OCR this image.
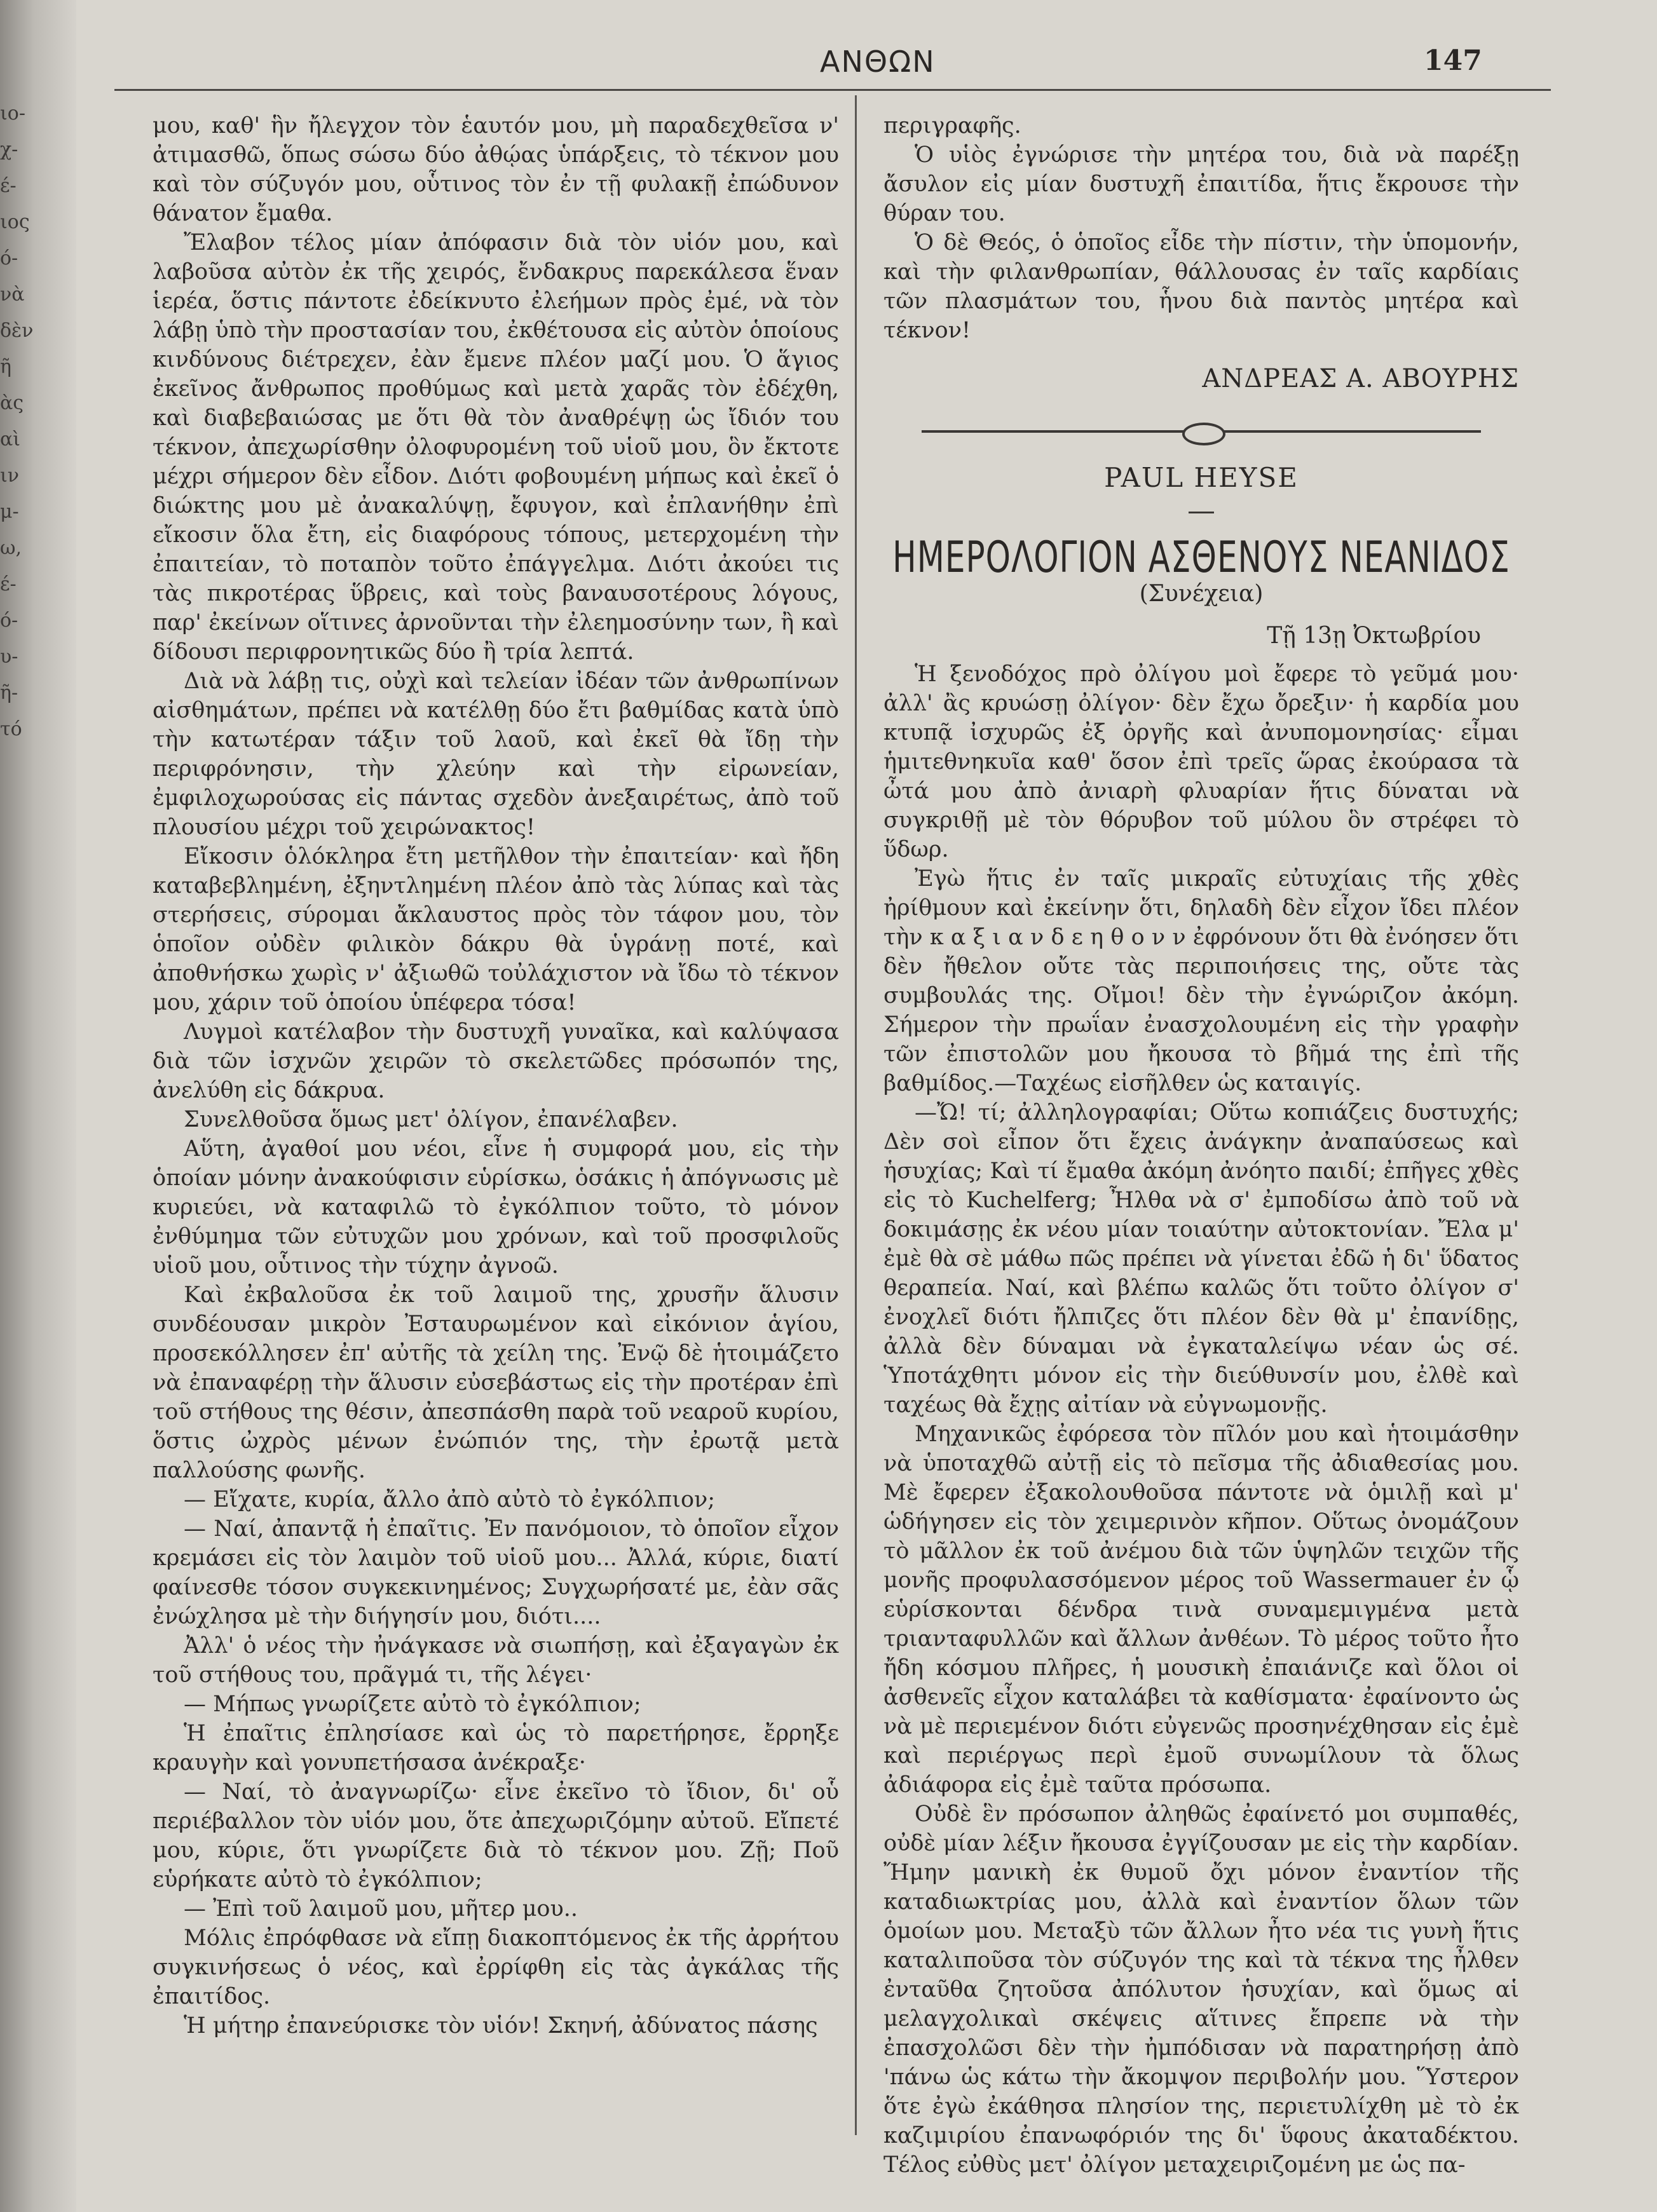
ιο-
χ-
έ-
ιος
ό-
νὰ
δὲν
ῆ
ὰς
αὶ
ιν
μ-
ω,
έ-
ό-
υ-
ῆ-
τό
ΑΝΘΩΝ	147

μου, καθ' ἣν ἤλεγχον τὸν ἑαυτόν μου, μὴ παραδεχθεῖσα ν' ἀτιμασθῶ, ὅπως σώσω δύο ἀθῴας ὑπάρξεις, τὸ τέκνον μου καὶ τὸν σύζυγόν μου, οὗτινος τὸν ἐν τῇ φυλακῇ ἐπώδυνον θάνατον ἔμαθα.

Ἔλαβον τέλος μίαν ἀπόφασιν διὰ τὸν υἱόν μου, καὶ λαβοῦσα αὐτὸν ἐκ τῆς χειρός, ἔνδακρυς παρεκάλεσα ἕναν ἱερέα, ὅστις πάντοτε ἐδείκνυτο ἐλεήμων πρὸς ἐμέ, νὰ τὸν λάβῃ ὑπὸ τὴν προστασίαν του, ἐκθέτουσα εἰς αὐτὸν ὁποίους κινδύνους διέτρεχεν, ἐὰν ἔμενε πλέον μαζί μου. Ὁ ἅγιος ἐκεῖνος ἄνθρωπος προθύμως καὶ μετὰ χαρᾶς τὸν ἐδέχθη, καὶ διαβεβαιώσας με ὅτι θὰ τὸν ἀναθρέψῃ ὡς ἴδιόν του τέκνον, ἀπεχωρίσθην ὀλοφυρομένη τοῦ υἱοῦ μου, ὃν ἔκτοτε μέχρι σήμερον δὲν εἶδον. Διότι φοβουμένη μήπως καὶ ἐκεῖ ὁ διώκτης μου μὲ ἀνακαλύψῃ, ἔφυγον, καὶ ἐπλανήθην ἐπὶ εἴκοσιν ὅλα ἔτη, εἰς διαφόρους τόπους, μετερχομένη τὴν ἐπαιτείαν, τὸ ποταπὸν τοῦτο ἐπάγγελμα. Διότι ἀκούει τις τὰς πικροτέρας ὕβρεις, καὶ τοὺς βαναυσοτέρους λόγους, παρ' ἐκείνων οἵτινες ἀρνοῦνται τὴν ἐλεημοσύνην των, ἢ καὶ δίδουσι περιφρονητικῶς δύο ἢ τρία λεπτά.

Διὰ νὰ λάβῃ τις, οὐχὶ καὶ τελείαν ἰδέαν τῶν ἀνθρωπίνων αἰσθημάτων, πρέπει νὰ κατέλθῃ δύο ἔτι βαθμίδας κατὰ ὑπὸ τὴν κατωτέραν τάξιν τοῦ λαοῦ, καὶ ἐκεῖ θὰ ἴδῃ τὴν περιφρόνησιν, τὴν χλεύην καὶ τὴν εἰρωνείαν, ἐμφιλοχωρούσας εἰς πάντας σχεδὸν ἀνεξαιρέτως, ἀπὸ τοῦ πλουσίου μέχρι τοῦ χειρώνακτος!

Εἴκοσιν ὁλόκληρα ἔτη μετῆλθον τὴν ἐπαιτείαν· καὶ ἤδη καταβεβλημένη, ἐξηντλημένη πλέον ἀπὸ τὰς λύπας καὶ τὰς στερήσεις, σύρομαι ἄκλαυστος πρὸς τὸν τάφον μου, τὸν ὁποῖον οὐδὲν φιλικὸν δάκρυ θὰ ὑγράνῃ ποτέ, καὶ ἀποθνήσκω χωρὶς ν' ἀξιωθῶ τοὐλάχιστον νὰ ἴδω τὸ τέκνον μου, χάριν τοῦ ὁποίου ὑπέφερα τόσα!

Λυγμοὶ κατέλαβον τὴν δυστυχῆ γυναῖκα, καὶ καλύψασα διὰ τῶν ἰσχνῶν χειρῶν τὸ σκελετῶδες πρόσωπόν της, ἀνελύθη εἰς δάκρυα.

Συνελθοῦσα ὅμως μετ' ὀλίγον, ἐπανέλαβεν.

Αὕτη, ἀγαθοί μου νέοι, εἶνε ἡ συμφορά μου, εἰς τὴν ὁποίαν μόνην ἀνακούφισιν εὑρίσκω, ὁσάκις ἡ ἀπόγνωσις μὲ κυριεύει, νὰ καταφιλῶ τὸ ἐγκόλπιον τοῦτο, τὸ μόνον ἐνθύμημα τῶν εὐτυχῶν μου χρόνων, καὶ τοῦ προσφιλοῦς υἱοῦ μου, οὗτινος τὴν τύχην ἀγνοῶ.

Καὶ ἐκβαλοῦσα ἐκ τοῦ λαιμοῦ της, χρυσῆν ἅλυσιν συνδέουσαν μικρὸν Ἐσταυρωμένον καὶ εἰκόνιον ἁγίου, προσεκόλλησεν ἐπ' αὐτῆς τὰ χείλη της. Ἐνῷ δὲ ἡτοιμάζετο νὰ ἐπαναφέρῃ τὴν ἅλυσιν εὐσεβάστως εἰς τὴν προτέραν ἐπὶ τοῦ στήθους της θέσιν, ἀπεσπάσθη παρὰ τοῦ νεαροῦ κυρίου, ὅστις ὠχρὸς μένων ἐνώπιόν της, τὴν ἐρωτᾷ μετὰ παλλούσης φωνῆς.

— Εἴχατε, κυρία, ἄλλο ἀπὸ αὐτὸ τὸ ἐγκόλπιον;

— Ναί, ἀπαντᾷ ἡ ἐπαῖτις. Ἐν πανόμοιον, τὸ ὁποῖον εἶχον κρεμάσει εἰς τὸν λαιμὸν τοῦ υἱοῦ μου... Ἀλλά, κύριε, διατί φαίνεσθε τόσον συγκεκινημένος; Συγχωρήσατέ με, ἐὰν σᾶς ἐνώχλησα μὲ τὴν διήγησίν μου, διότι....

Ἀλλ' ὁ νέος τὴν ἠνάγκασε νὰ σιωπήσῃ, καὶ ἐξαγαγὼν ἐκ τοῦ στήθους του, πρᾶγμά τι, τῆς λέγει·

— Μήπως γνωρίζετε αὐτὸ τὸ ἐγκόλπιον;

Ἡ ἐπαῖτις ἐπλησίασε καὶ ὡς τὸ παρετήρησε, ἔρρηξε κραυγὴν καὶ γονυπετήσασα ἀνέκραξε·

— Ναί, τὸ ἀναγνωρίζω· εἶνε ἐκεῖνο τὸ ἴδιον, δι' οὗ περιέβαλλον τὸν υἱόν μου, ὅτε ἀπεχωριζόμην αὐτοῦ. Εἴπετέ μου, κύριε, ὅτι γνωρίζετε διὰ τὸ τέκνον μου. Ζῇ; Ποῦ εὑρήκατε αὐτὸ τὸ ἐγκόλπιον;

— Ἐπὶ τοῦ λαιμοῦ μου, μῆτερ μου..

Μόλις ἐπρόφθασε νὰ εἴπῃ διακοπτόμενος ἐκ τῆς ἀρρήτου συγκινήσεως ὁ νέος, καὶ ἐρρίφθη εἰς τὰς ἀγκάλας τῆς ἐπαιτίδος.

Ἡ μήτηρ ἐπανεύρισκε τὸν υἱόν! Σκηνή, ἀδύνατος πάσης

περιγραφῆς.

Ὁ υἱὸς ἐγνώρισε τὴν μητέρα του, διὰ νὰ παρέξῃ ἄσυλον εἰς μίαν δυστυχῆ ἐπαιτίδα, ἥτις ἔκρουσε τὴν θύραν του.

Ὁ δὲ Θεός, ὁ ὁποῖος εἶδε τὴν πίστιν, τὴν ὑπομονήν, καὶ τὴν φιλανθρωπίαν, θάλλουσας ἐν ταῖς καρδίαις τῶν πλασμάτων του, ἧνου διὰ παντὸς μητέρα καὶ τέκνον!

ΑΝΔΡΕΑΣ Α. ΑΒΟΥΡΗΣ
PAUL HEYSE
ΗΜΕΡΟΛΟΓΙΟΝ ΑΣΘΕΝΟΥΣ ΝΕΑΝΙΔΟΣ
(Συνέχεια)
Τῇ 13ῃ Ὀκτωβρίου

Ἡ ξενοδόχος πρὸ ὀλίγου μοὶ ἔφερε τὸ γεῦμά μου· ἀλλ' ἂς κρυώσῃ ὀλίγον· δὲν ἔχω ὄρεξιν· ἡ καρδία μου κτυπᾷ ἰσχυρῶς ἐξ ὀργῆς καὶ ἀνυπομονησίας· εἶμαι ἡμιτεθνηκυῖα καθ' ὅσον ἐπὶ τρεῖς ὥρας ἐκούρασα τὰ ὦτά μου ἀπὸ ἀνιαρὴ φλυαρίαν ἥτις δύναται νὰ συγκριθῇ μὲ τὸν θόρυβον τοῦ μύλου ὃν στρέφει τὸ ὕδωρ.

Ἐγὼ ἥτις ἐν ταῖς μικραῖς εὐτυχίαις τῆς χθὲς ἠρίθμουν καὶ ἐκείνην ὅτι, δηλαδὴ δὲν εἶχον ἴδει πλέον τὴν κ α ξ ι α ν δ ε η θ ο ν ν ἐφρόνουν ὅτι θὰ ἐνόησεν ὅτι δὲν ἤθελον οὔτε τὰς περιποιήσεις της, οὔτε τὰς συμβουλάς της. Οἴμοι! δὲν τὴν ἐγνώριζον ἀκόμη. Σήμερον τὴν πρωΐαν ἐνασχολουμένη εἰς τὴν γραφὴν τῶν ἐπιστολῶν μου ἤκουσα τὸ βῆμά της ἐπὶ τῆς βαθμίδος.—Ταχέως εἰσῆλθεν ὡς καταιγίς.

—Ὤ! τί; ἀλληλογραφίαι; Οὕτω κοπιάζεις δυστυχής; Δὲν σοὶ εἶπον ὅτι ἔχεις ἀνάγκην ἀναπαύσεως καὶ ἡσυχίας; Καὶ τί ἔμαθα ἀκόμη ἀνόητο παιδί; ἐπῆγες χθὲς εἰς τὸ Kuchelferg; Ἦλθα νὰ σ' ἐμποδίσω ἀπὸ τοῦ νὰ δοκιμάσῃς ἐκ νέου μίαν τοιαύτην αὐτοκτονίαν. Ἔλα μ' ἐμὲ θὰ σὲ μάθω πῶς πρέπει νὰ γίνεται ἐδῶ ἡ δι' ὕδατος θεραπεία. Ναί, καὶ βλέπω καλῶς ὅτι τοῦτο ὀλίγον σ' ἐνοχλεῖ διότι ἤλπιζες ὅτι πλέον δὲν θὰ μ' ἐπανίδῃς, ἀλλὰ δὲν δύναμαι νὰ ἐγκαταλείψω νέαν ὡς σέ. Ὑποτάχθητι μόνον εἰς τὴν διεύθυνσίν μου, ἐλθὲ καὶ ταχέως θὰ ἔχῃς αἰτίαν νὰ εὐγνωμονῇς.

Μηχανικῶς ἐφόρεσα τὸν πῖλόν μου καὶ ἡτοιμάσθην νὰ ὑποταχθῶ αὐτῇ εἰς τὸ πεῖσμα τῆς ἀδιαθεσίας μου. Μὲ ἔφερεν ἐξακολουθοῦσα πάντοτε νὰ ὁμιλῇ καὶ μ' ὡδήγησεν εἰς τὸν χειμερινὸν κῆπον. Οὕτως ὀνομάζουν τὸ μᾶλλον ἐκ τοῦ ἀνέμου διὰ τῶν ὑψηλῶν τειχῶν τῆς μονῆς προφυλασσόμενον μέρος τοῦ Wassermauer ἐν ᾧ εὑρίσκονται δένδρα τινὰ συναμεμιγμένα μετὰ τριανταφυλλῶν καὶ ἄλλων ἀνθέων. Τὸ μέρος τοῦτο ἦτο ἤδη κόσμου πλῆρες, ἡ μουσικὴ ἐπαιάνιζε καὶ ὅλοι οἱ ἀσθενεῖς εἶχον καταλάβει τὰ καθίσματα· ἐφαίνοντο ὡς νὰ μὲ περιεμένον διότι εὐγενῶς προσηνέχθησαν εἰς ἐμὲ καὶ περιέργως περὶ ἐμοῦ συνωμίλουν τὰ ὅλως ἀδιάφορα εἰς ἐμὲ ταῦτα πρόσωπα.

Οὐδὲ ἓν πρόσωπον ἀληθῶς ἐφαίνετό μοι συμπαθές, οὐδὲ μίαν λέξιν ἤκουσα ἐγγίζουσαν με εἰς τὴν καρδίαν. Ἤμην μανικὴ ἐκ θυμοῦ ὄχι μόνον ἐναντίον τῆς καταδιωκτρίας μου, ἀλλὰ καὶ ἐναντίον ὅλων τῶν ὁμοίων μου. Μεταξὺ τῶν ἄλλων ἦτο νέα τις γυνὴ ἥτις καταλιποῦσα τὸν σύζυγόν της καὶ τὰ τέκνα της ἦλθεν ἐνταῦθα ζητοῦσα ἀπόλυτον ἡσυχίαν, καὶ ὅμως αἱ μελαγχολικαὶ σκέψεις αἵτινες ἔπρεπε νὰ τὴν ἐπασχολῶσι δὲν τὴν ἠμπόδισαν νὰ παρατηρήσῃ ἀπὸ 'πάνω ὡς κάτω τὴν ἄκομψον περιβολήν μου. Ὕστερον ὅτε ἐγὼ ἐκάθησα πλησίον της, περιετυλίχθη μὲ τὸ ἐκ καζιμιρίου ἐπανωφόριόν της δι' ὕφους ἀκαταδέκτου. Τέλος εὐθὺς μετ' ὀλίγον μεταχειριζομένη με ὡς πα-
